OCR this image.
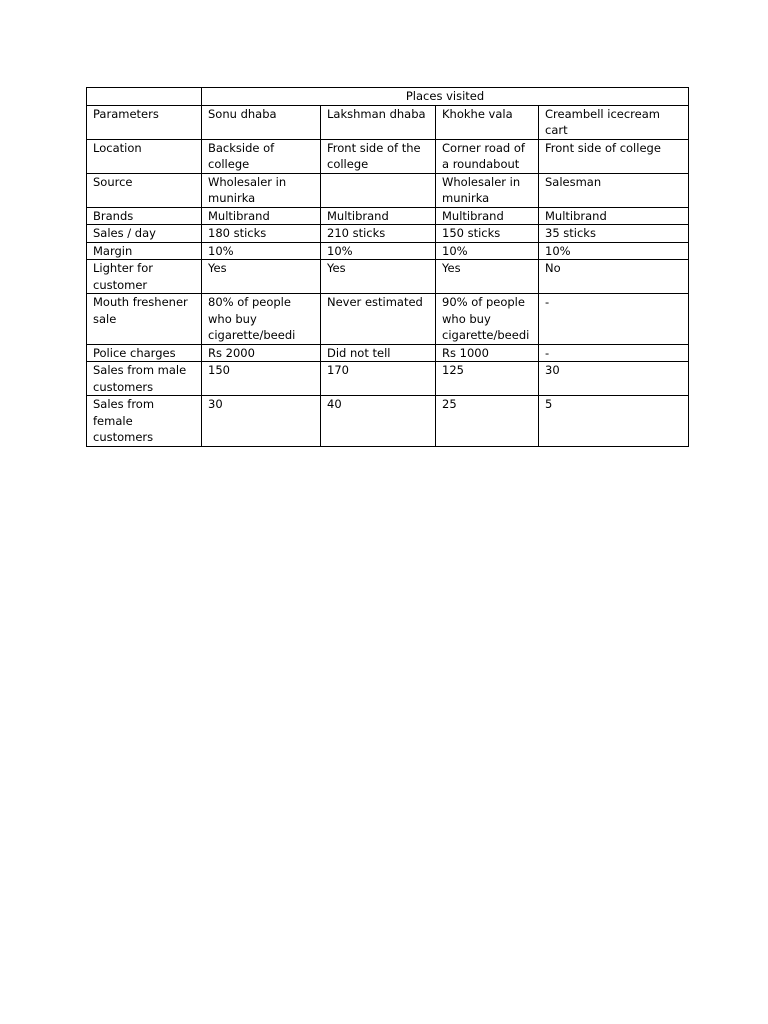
	Places visited			
Parameters	Sonu dhaba	Lakshman dhaba	Khokhe vala	Creambell icecream cart
Location	Backside of college	Front side of the college	Corner road of a roundabout	Front side of college
Source	Wholesaler in munirka		Wholesaler in munirka	Salesman
Brands	Multibrand	Multibrand	Multibrand	Multibrand
Sales / day	180 sticks	210 sticks	150 sticks	35 sticks
Margin	10%	10%	10%	10%
Lighter for customer	Yes	Yes	Yes	No
Mouth freshener sale	80% of people who buy cigarette/beedi	Never estimated	90% of people who buy cigarette/beedi	-
Police charges	Rs 2000	Did not tell	Rs 1000	-
Sales from male customers	150	170	125	30
Sales from female customers	30	40	25	5
